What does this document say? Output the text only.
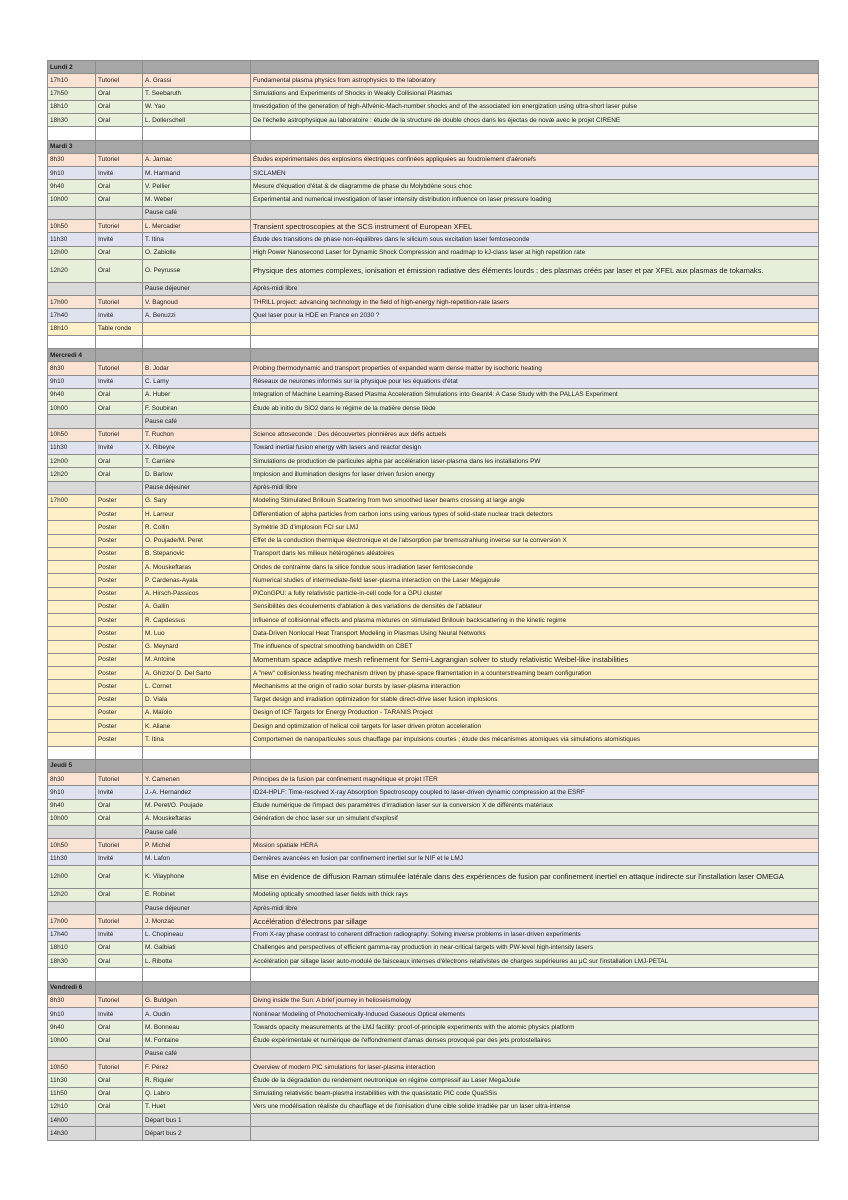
Lundi 2			
17h10	Tutoriel	A. Grassi	Fundamental plasma physics from astrophysics to the laboratory
17h50	Oral	T. Seebaruth	Simulations and Experiments of Shocks in Weakly Collisional Plasmas
18h10	Oral	W. Yao	Investigation of the generation of high-Alfvénic-Mach-number shocks and of the associated ion energization using ultra-short laser pulse
18h30	Oral	L. Dollerschell	De l'échelle astrophysique au laboratoire : étude de la structure de double chocs dans les éjectas de novæ avec le projet CIRENE

Mardi 3			
8h30	Tutoriel	A. Jarnac	Études expérimentales des explosions électriques confinées appliquées au foudroiement d'aéronefs
9h10	Invité	M. Harmand	SICLAMEN
9h40	Oral	V. Pellier	Mesure d'équation d'état & de diagramme de phase du Molybdène sous choc
10h00	Oral	M. Weber	Experimental and numerical investigation of laser intensity distribution influence on laser pressure loading
		Pause café	
10h50	Tutoriel	L. Mercadier	Transient spectroscopies at the SCS instrument of European XFEL
11h30	Invité	T. Itina	Étude des transitions de phase non-équilibres dans le silicium sous excitation laser femtoseconde
12h00	Oral	O. Zabiolle	High Power Nanosecond Laser for Dynamic Shock Compression and roadmap to kJ-class laser at high repetition rate
12h20	Oral	O. Peyrusse	Physique des atomes complexes, ionisation et émission radiative des éléments lourds : des plasmas créés par laser et par XFEL aux plasmas de tokamaks.
		Pause déjeuner	Après-midi libre
17h00	Tutoriel	V. Bagnoud	THRILL project: advancing technology in the field of high-energy high-repetition-rate lasers
17h40	Invité	A. Benuzzi	Quel laser pour la HDE en France en 2030 ?
18h10	Table ronde		

Mercredi 4			
8h30	Tutoriel	B. Jodar	Probing thermodynamic and transport properties of expanded warm dense matter by isochoric heating
9h10	Invité	C. Lamy	Réseaux de neurones informés sur la physique pour les équations d'état
9h40	Oral	A. Huber	Integration of Machine Learning-Based Plasma Acceleration Simulations into Geant4: A Case Study with the PALLAS Experiment
10h00	Oral	F. Soubiran	Étude ab initio du SiO2 dans le régime de la matière dense tiède
		Pause café	
10h50	Tutoriel	T. Ruchon	Science attoseconde : Des découvertes pionnières aux défis actuels
11h30	Invité	X. Ribeyre	Toward inertial fusion energy with lasers and reactor design
12h00	Oral	T. Carrière	Simulations de production de particules alpha par accélération laser-plasma dans les installations PW
12h20	Oral	D. Barlow	Implosion and illumination designs for laser driven fusion energy
		Pause déjeuner	Après-midi libre
17h00	Poster	G. Sary	Modeling Stimulated Brillouin Scattering from two smoothed laser beams crossing at large angle
	Poster	H. Larreur	Differentiation of alpha particles from carbon ions using various types of solid-state nuclear track detectors
	Poster	R. Collin	Symétrie 3D d'implosion FCI sur LMJ
	Poster	O. Poujade/M. Peret	Effet de la conduction thermique électronique et de l'absorption par bremsstrahlung inverse sur la conversion X
	Poster	B. Stepanovic	Transport dans les milieux hétérogènes aléatoires
	Poster	A. Mouskeftaras	Ondes de contrainte dans la silice fondue sous irradiation laser femtoseconde
	Poster	P. Cardenas-Ayala	Numerical studies of intermediate-field laser-plasma interaction on the Laser Mégajoule
	Poster	A. Hirsch-Passicos	PIConGPU: a fully relativistic particle-in-cell code for a GPU cluster
	Poster	A. Gallin	Sensibilités des écoulements d'ablation à des variations de densités de l'ablateur
	Poster	R. Capdessus	Influence of collisionnal effects and plasma mixtures on stimulated Brillouin backscattering in the kinetic regime
	Poster	M. Luo	Data-Driven Nonlocal Heat Transport Modeling in Plasmas Using Neural Networks
	Poster	G. Meynard	The influence of spectral smoothing bandwidth on CBET
	Poster	M. Antoine	Momentum space adaptive mesh refinement for Semi-Lagrangian solver to study relativistic Weibel-like instabilities
	Poster	A. Ghizzo/ D. Del Sarto	A "new" collisionless heating mechanism driven by phase-space filamentation in a counterstreaming beam configuration
	Poster	L. Cornet	Mechanisms at the origin of radio solar bursts by laser-plasma interaction
	Poster	D. Viala	Target design and irradiation optimization for stable direct-drive laser fusion implosions
	Poster	A. Maïolo	Design of ICF Targets for Energy Production - TARANIS Project
	Poster	K. Aliane	Design and optimization of helical coil targets for laser driven proton acceleration
	Poster	T. Itina	Comportemen de nanoparticules sous chauffage par impulsions courtes ; étude des mécanismes atomiques via simulations atomistiques

Jeudi 5			
8h30	Tutoriel	Y. Camenen	Principes de la fusion par confinement magnétique et projet ITER
9h10	Invité	J.-A. Hernandez	ID24-HPLF: Time-resolved X-ray Absorption Spectroscopy coupled to laser-driven dynamic compression at the ESRF
9h40	Oral	M. Peret/O. Poujade	Etude numérique de l'impact des paramètres d'irradiation laser sur la conversion X de différents matériaux
10h00	Oral	A. Mouskeftaras	Génération de choc laser sur un simulant d'explosif
		Pause café	
10h50	Tutoriel	P. Michel	Mission spatiale HERA
11h30	Invité	M. Lafon	Dernières avancées en fusion par confinement inertiel sur le NIF et le LMJ
12h00	Oral	K. Vilayphone	Mise en évidence de diffusion Raman stimulée latérale dans des expériences de fusion par confinement inertiel en attaque indirecte sur l'installation laser OMEGA
12h20	Oral	E. Robinet	Modeling optically smoothed laser fields with thick rays
		Pause déjeuner	Après-midi libre
17h00	Tutoriel	J. Monzac	Accélération d'électrons par sillage
17h40	Invité	L. Chopineau	From X-ray phase contrast to coherent diffraction radiography: Solving inverse problems in laser-driven experiments
18h10	Oral	M. Galbiati	Challenges and perspectives of efficient gamma-ray production in near-critical targets with PW-level high-intensity lasers
18h30	Oral	L. Ribotte	Accélération par sillage laser auto-modulé de faisceaux intenses d'électrons relativistes de charges supérieures au μC sur l'installation LMJ-PETAL

Vendredi 6			
8h30	Tutoriel	G. Buldgen	Diving inside the Sun: A brief journey in helioseismology
9h10	Invité	A. Oudin	Nonlinear Modeling of Photochemically-Induced Gaseous Optical elements
9h40	Oral	M. Bonneau	Towards opacity measurements at the LMJ facility: proof-of-principle experiments with the atomic physics platform
10h00	Oral	M. Fontaine	Étude expérimentale et numérique de l'effondrement d'amas denses provoqué par des jets protostellaires
		Pause café	
10h50	Tutoriel	F. Pérez	Overview of modern PIC simulations for laser-plasma interaction
11h30	Oral	R. Riquier	Étude de la dégradation du rendement neutronique en régime compressif au Laser MegaJoule
11h50	Oral	Q. Labro	Simulating relativistic beam-plasma instabilities with the quasistatic PIC code QuaSSis
12h10	Oral	T. Huet	Vers une modélisation réaliste du chauffage et de l'ionisation d'une cible solide irradiée par un laser ultra-intense
14h00		Départ bus 1	
14h30		Départ bus 2	
